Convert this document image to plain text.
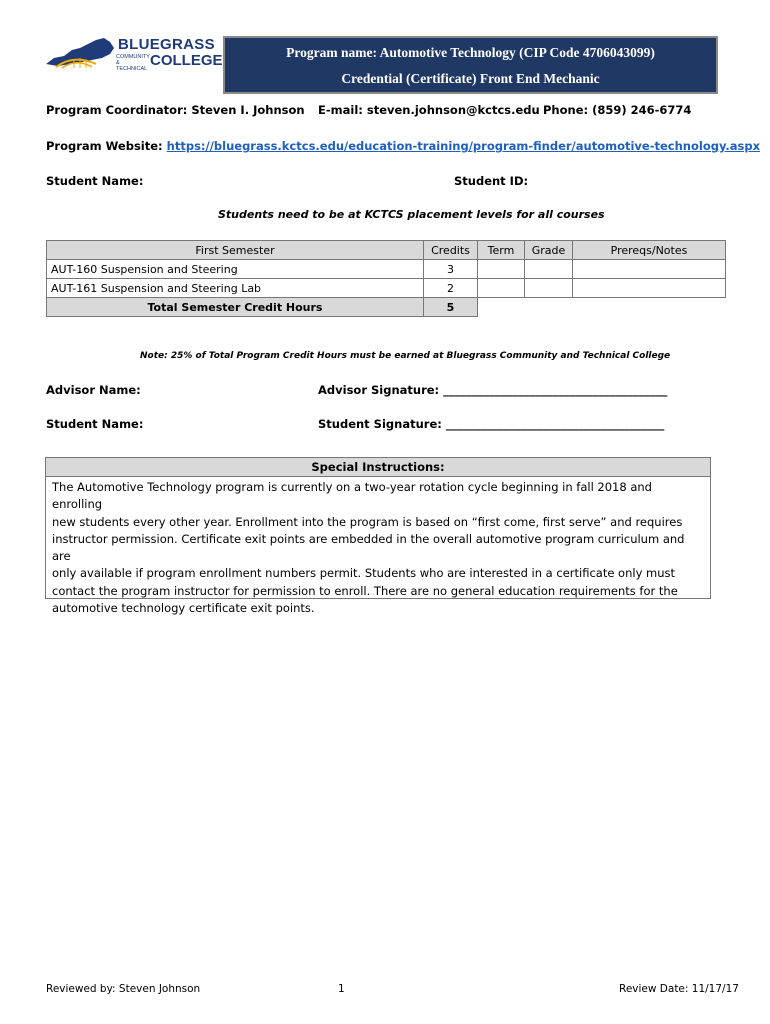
BLUEGRASS
COMMUNITY & TECHNICAL COLLEGE	Program name: Automotive Technology (CIP Code 4706043099)
Credential (Certificate) Front End Mechanic
Program Coordinator: Steven I. Johnson E-mail: steven.johnson@kctcs.edu Phone: (859) 246-6774
Program Website: https://bluegrass.kctcs.edu/education-training/program-finder/automotive-technology.aspx
Student Name:	Student ID:
Students need to be at KCTCS placement levels for all courses
First Semester	Credits	Term	Grade	Prereqs/Notes
AUT-160 Suspension and Steering	3			
AUT-161 Suspension and Steering Lab	2			
Total Semester Credit Hours	5			
Note: 25% of Total Program Credit Hours must be earned at Bluegrass Community and Technical College
Advisor Name:	Advisor Signature: _______________________________________
Student Name:	Student Signature: ______________________________________
Special Instructions:
The Automotive Technology program is currently on a two-year rotation cycle beginning in fall 2018 and enrolling
new students every other year. Enrollment into the program is based on “first come, first serve” and requires
instructor permission. Certificate exit points are embedded in the overall automotive program curriculum and are
only available if program enrollment numbers permit. Students who are interested in a certificate only must
contact the program instructor for permission to enroll. There are no general education requirements for the
automotive technology certificate exit points.
Reviewed by: Steven Johnson	1	Review Date: 11/17/17
